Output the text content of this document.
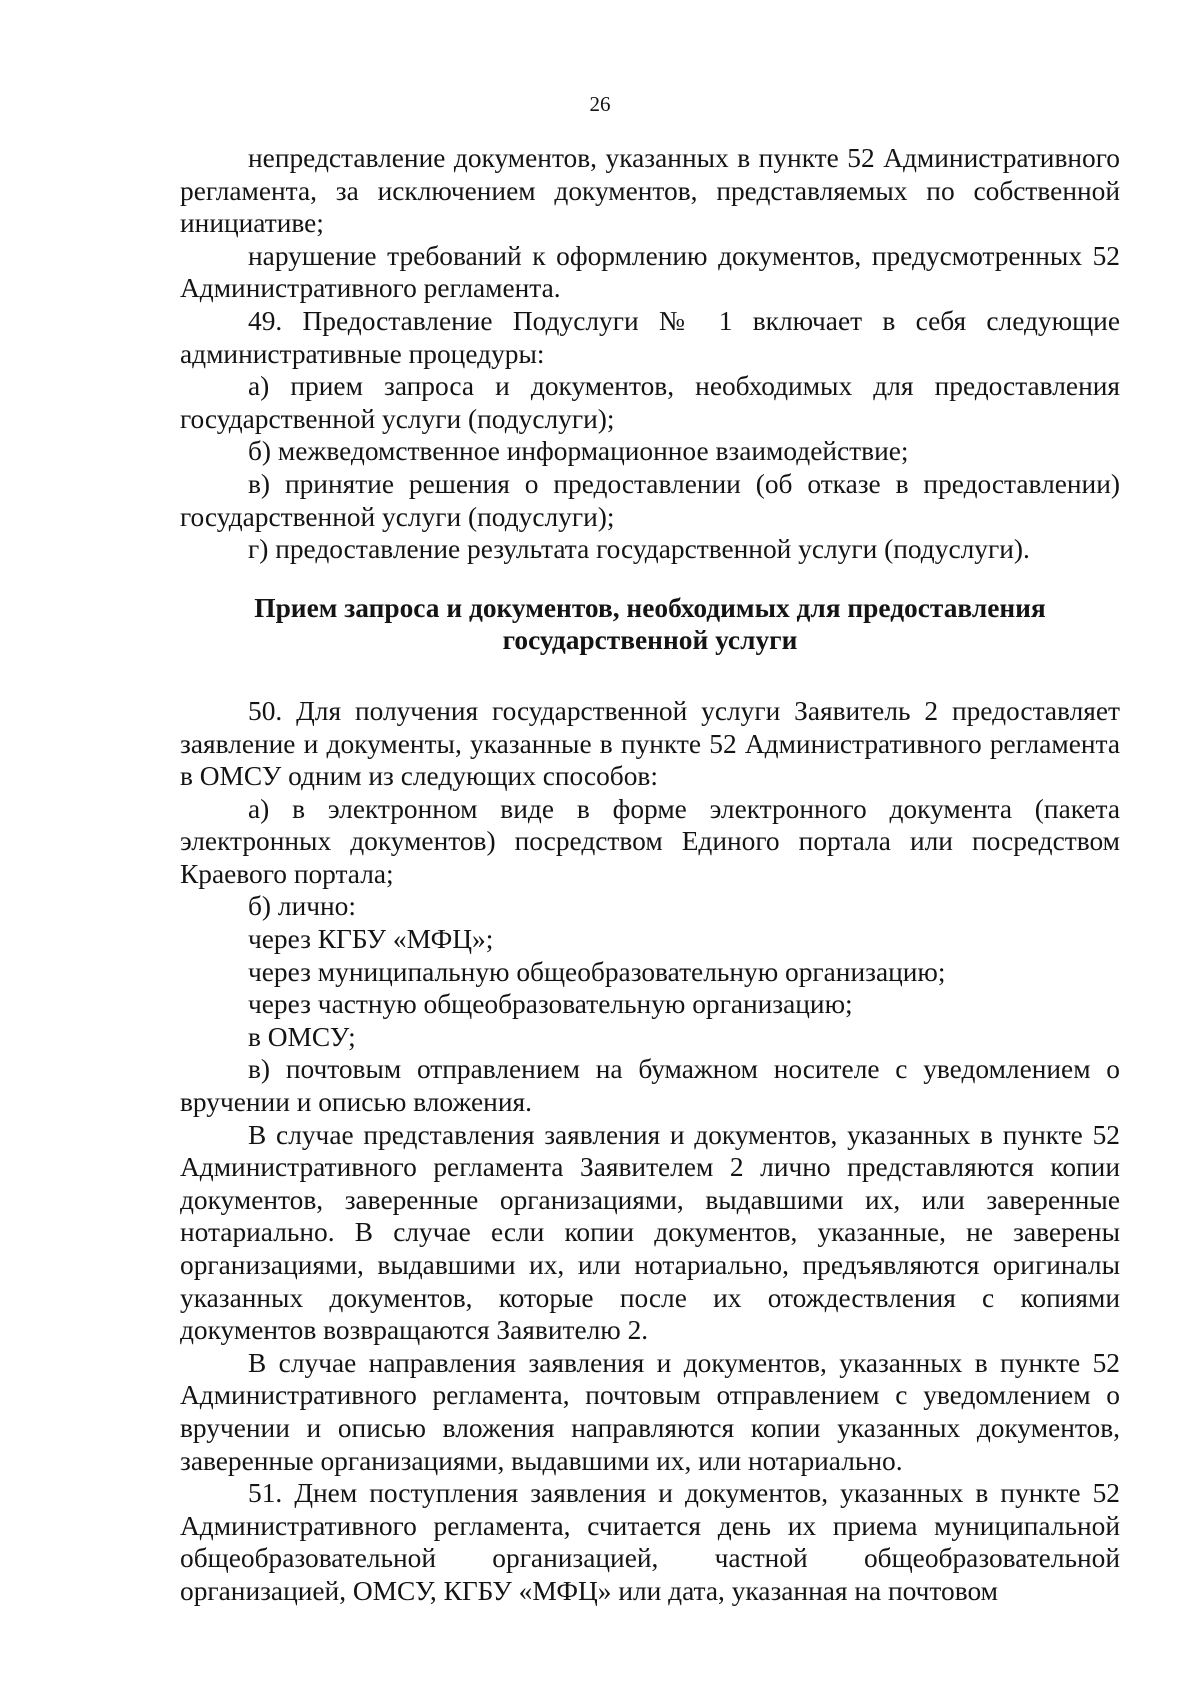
26

непредставление документов, указанных в пункте 52 Административного регламента, за исключением документов, представляемых по собственной инициативе;

нарушение требований к оформлению документов, предусмотренных 52 Административного регламента.

49. Предоставление Подуслуги № 1 включает в себя следующие административные процедуры:

а) прием запроса и документов, необходимых для предоставления государственной услуги (подуслуги);

б) межведомственное информационное взаимодействие;

в) принятие решения о предоставлении (об отказе в предоставлении) государственной услуги (подуслуги);

г) предоставление результата государственной услуги (подуслуги).

Прием запроса и документов, необходимых для предоставления государственной услуги

50. Для получения государственной услуги Заявитель 2 предоставляет заявление и документы, указанные в пункте 52 Административного регламента в ОМСУ одним из следующих способов:

а) в электронном виде в форме электронного документа (пакета электронных документов) посредством Единого портала или посредством Краевого портала;

б) лично:

через КГБУ «МФЦ»;

через муниципальную общеобразовательную организацию;

через частную общеобразовательную организацию;

в ОМСУ;

в) почтовым отправлением на бумажном носителе с уведомлением о вручении и описью вложения.

В случае представления заявления и документов, указанных в пункте 52 Административного регламента Заявителем 2 лично представляются копии документов, заверенные организациями, выдавшими их, или заверенные нотариально. В случае если копии документов, указанные, не заверены организациями, выдавшими их, или нотариально, предъявляются оригиналы указанных документов, которые после их отождествления с копиями документов возвращаются Заявителю 2.

В случае направления заявления и документов, указанных в пункте 52 Административного регламента, почтовым отправлением с уведомлением о вручении и описью вложения направляются копии указанных документов, заверенные организациями, выдавшими их, или нотариально.

51. Днем поступления заявления и документов, указанных в пункте 52 Административного регламента, считается день их приема муниципальной общеобразовательной организацией, частной общеобразовательной организацией, ОМСУ, КГБУ «МФЦ» или дата, указанная на почтовом
